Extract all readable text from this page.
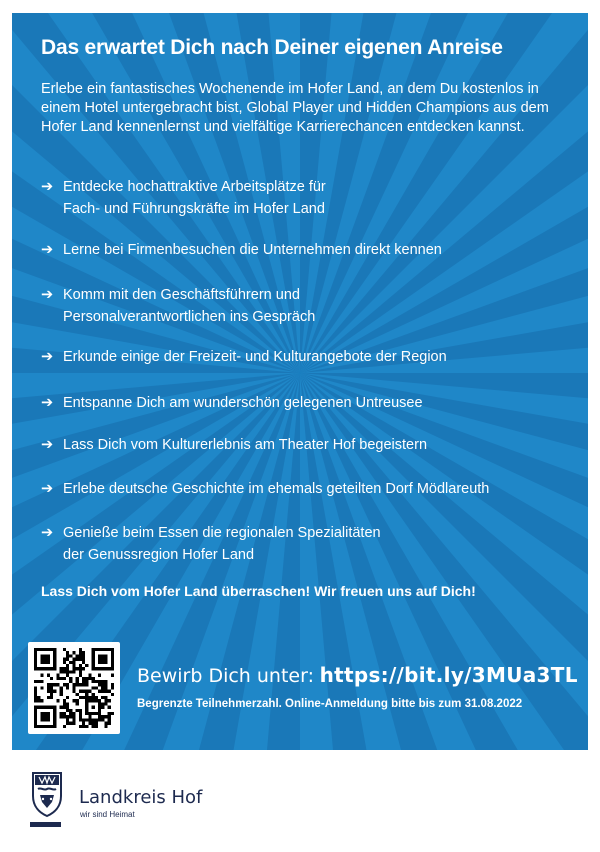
Das erwartet Dich nach Deiner eigenen Anreise

Erlebe ein fantastisches Wochenende im Hofer Land, an dem Du kostenlos in einem Hotel untergebracht bist, Global Player und Hidden Champions aus dem Hofer Land kennenlernst und vielfältige Karrierechancen entdecken kannst.

➔ Entdecke hochattraktive Arbeitsplätze für
Fach- und Führungskräfte im Hofer Land
➔ Lerne bei Firmenbesuchen die Unternehmen direkt kennen
➔ Komm mit den Geschäftsführern und
Personalverantwortlichen ins Gespräch
➔ Erkunde einige der Freizeit- und Kulturangebote der Region
➔ Entspanne Dich am wunderschön gelegenen Untreusee
➔ Lass Dich vom Kulturerlebnis am Theater Hof begeistern
➔ Erlebe deutsche Geschichte im ehemals geteilten Dorf Mödlareuth
➔ Genieße beim Essen die regionalen Spezialitäten
der Genussregion Hofer Land

Lass Dich vom Hofer Land überraschen! Wir freuen uns auf Dich!

Bewirb Dich unter: https://bit.ly/3MUa3TL

Begrenzte Teilnehmerzahl. Online-Anmeldung bitte bis zum 31.08.2022

Landkreis Hof

wir sind Heimat
